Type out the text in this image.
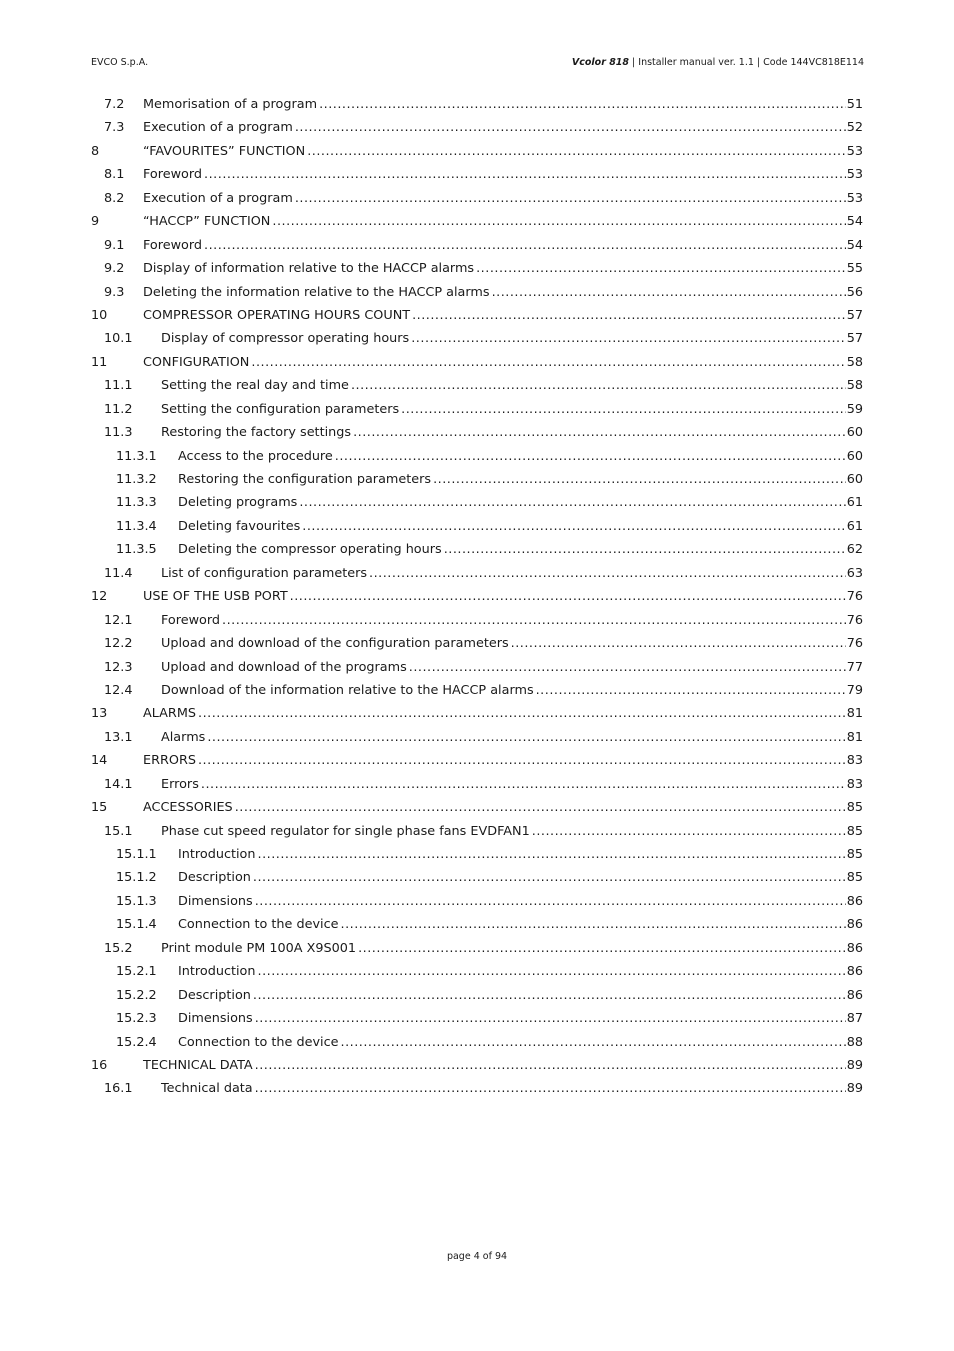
EVCO S.p.A.	Vcolor 818 | Installer manual ver. 1.1 | Code 144VC818E114
7.2 Memorisation of a program .....	51
7.3 Execution of a program .....	52
8	“FAVOURITES” FUNCTION .....	53
8.1 Foreword .....	53
8.2 Execution of a program .....	53
9	“HACCP” FUNCTION .....	54
9.1 Foreword .....	54
9.2 Display of information relative to the HACCP alarms .....	55
9.3 Deleting the information relative to the HACCP alarms .....	56
10	COMPRESSOR OPERATING HOURS COUNT .....	57
10.1 Display of compressor operating hours .....	57
11	CONFIGURATION .....	58
11.1 Setting the real day and time .....	58
11.2 Setting the configuration parameters .....	59
11.3 Restoring the factory settings .....	60
11.3.1 Access to the procedure .....	60
11.3.2 Restoring the configuration parameters .....	60
11.3.3 Deleting programs .....	61
11.3.4 Deleting favourites .....	61
11.3.5 Deleting the compressor operating hours .....	62
11.4 List of configuration parameters .....	63
12	USE OF THE USB PORT .....	76
12.1 Foreword .....	76
12.2 Upload and download of the configuration parameters .....	76
12.3 Upload and download of the programs .....	77
12.4 Download of the information relative to the HACCP alarms .....	79
13	ALARMS .....	81
13.1 Alarms .....	81
14	ERRORS .....	83
14.1 Errors .....	83
15	ACCESSORIES .....	85
15.1 Phase cut speed regulator for single phase fans EVDFAN1 .....	85
15.1.1 Introduction .....	85
15.1.2 Description .....	85
15.1.3 Dimensions .....	86
15.1.4 Connection to the device .....	86
15.2 Print module PM 100A X9S001 .....	86
15.2.1 Introduction .....	86
15.2.2 Description .....	86
15.2.3 Dimensions .....	87
15.2.4 Connection to the device .....	88
16	TECHNICAL DATA .....	89
16.1 Technical data .....	89
page 4 of 94
